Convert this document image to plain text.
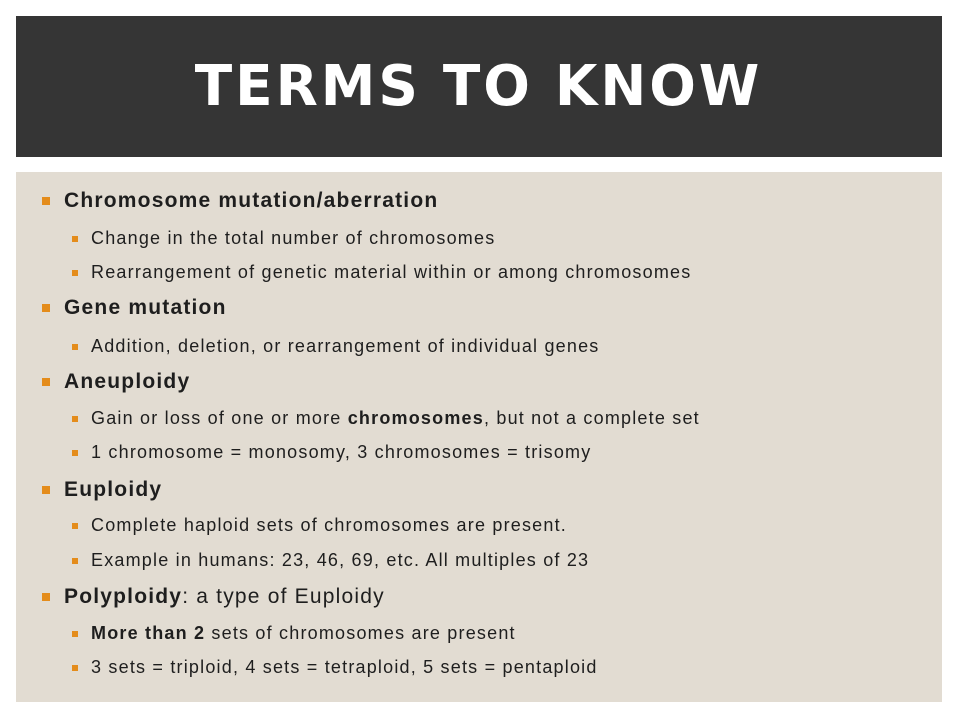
TERMS TO KNOW
Chromosome mutation/aberration
Change in the total number of chromosomes
Rearrangement of genetic material within or among chromosomes
Gene mutation
Addition, deletion, or rearrangement of individual genes
Aneuploidy
Gain or loss of one or more chromosomes, but not a complete set
1 chromosome = monosomy, 3 chromosomes = trisomy
Euploidy
Complete haploid sets of chromosomes are present.
Example in humans: 23, 46, 69, etc. All multiples of 23
Polyploidy: a type of Euploidy
More than 2 sets of chromosomes are present
3 sets = triploid, 4 sets = tetraploid, 5 sets = pentaploid
